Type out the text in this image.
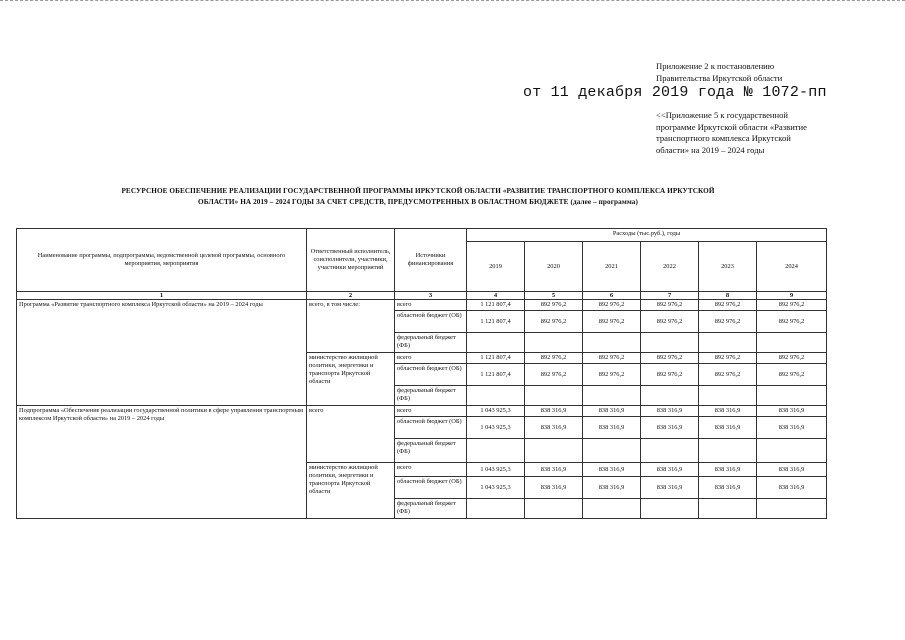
Приложение 2 к постановлению
Правительства Иркутской области
от 11 декабря 2019 года № 1072-пп
<<Приложение 5 к государственной программе Иркутской области «Развитие транспортного комплекса Иркутской области» на 2019 – 2024 годы
РЕСУРСНОЕ ОБЕСПЕЧЕНИЕ РЕАЛИЗАЦИИ ГОСУДАРСТВЕННОЙ ПРОГРАММЫ ИРКУТСКОЙ ОБЛАСТИ «РАЗВИТИЕ ТРАНСПОРТНОГО КОМПЛЕКСА ИРКУТСКОЙ
ОБЛАСТИ» НА 2019 – 2024 ГОДЫ ЗА СЧЕТ СРЕДСТВ, ПРЕДУСМОТРЕННЫХ В ОБЛАСТНОМ БЮДЖЕТЕ (далее – программа)
Наименование программы, подпрограммы, ведомственной целевой программы, основного мероприятия, мероприятия	Ответственный исполнитель, соисполнители, участники, участники мероприятий	Источники финансирования	Расходы (тыс.руб.), годы					
			2019	2020	2021	2022	2023	2024
1	2	3	4	5	6	7	8	9
Программа «Развитие транспортного комплекса Иркутской области» на 2019 – 2024 годы	всего, в том числе:	всего	1 121 807,4	892 976,2	892 976,2	892 976,2	892 976,2	892 976,2
		областной бюджет (ОБ)	1 121 807,4	892 976,2	892 976,2	892 976,2	892 976,2	892 976,2
		федеральный бюджет (ФБ)						
	министерство жилищной политики, энергетики и транспорта Иркутской области	всего	1 121 807,4	892 976,2	892 976,2	892 976,2	892 976,2	892 976,2
		областной бюджет (ОБ)	1 121 807,4	892 976,2	892 976,2	892 976,2	892 976,2	892 976,2
		федеральный бюджет (ФБ)						
Подпрограмма «Обеспечение реализации государственной политики в сфере управления транспортным комплексом Иркутской области» на 2019 – 2024 годы	всего	всего	1 043 925,3	838 316,9	838 316,9	838 316,9	838 316,9	838 316,9
		областной бюджет (ОБ)	1 043 925,3	838 316,9	838 316,9	838 316,9	838 316,9	838 316,9
		федеральный бюджет (ФБ)						
	министерство жилищной политики, энергетики и транспорта Иркутской области	всего	1 043 925,3	838 316,9	838 316,9	838 316,9	838 316,9	838 316,9
		областной бюджет (ОБ)	1 043 925,3	838 316,9	838 316,9	838 316,9	838 316,9	838 316,9
		федеральный бюджет (ФБ)						
